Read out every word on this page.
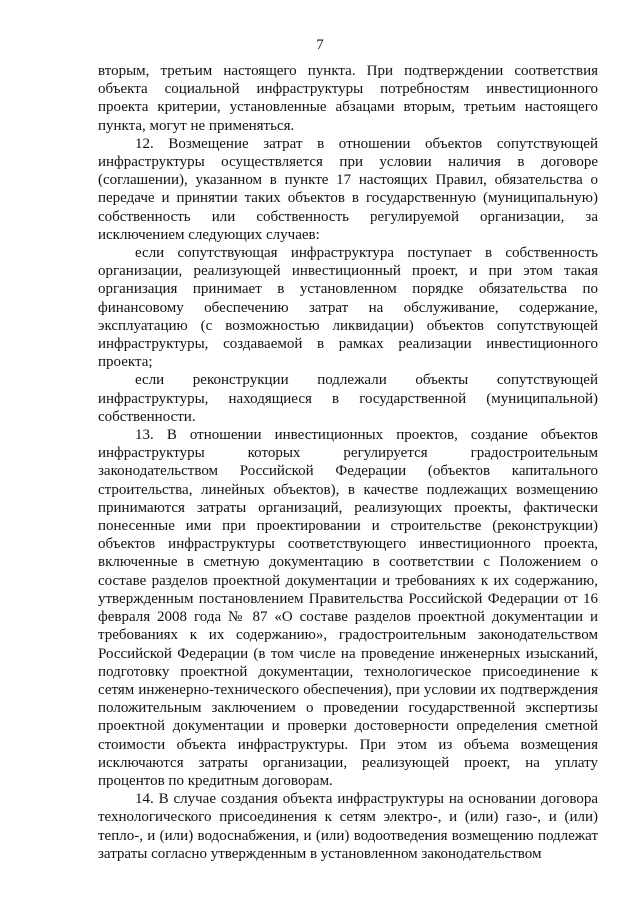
7

вторым, третьим настоящего пункта. При подтверждении соответствия объекта социальной инфраструктуры потребностям инвестиционного проекта критерии, установленные абзацами вторым, третьим настоящего пункта, могут не применяться.

12. Возмещение затрат в отношении объектов сопутствующей инфраструктуры осуществляется при условии наличия в договоре (соглашении), указанном в пункте 17 настоящих Правил, обязательства о передаче и принятии таких объектов в государственную (муниципальную) собственность или собственность регулируемой организации, за исключением следующих случаев:

если сопутствующая инфраструктура поступает в собственность организации, реализующей инвестиционный проект, и при этом такая организация принимает в установленном порядке обязательства по финансовому обеспечению затрат на обслуживание, содержание, эксплуатацию (с возможностью ликвидации) объектов сопутствующей инфраструктуры, создаваемой в рамках реализации инвестиционного проекта;

если реконструкции подлежали объекты сопутствующей инфраструктуры, находящиеся в государственной (муниципальной) собственности.

13. В отношении инвестиционных проектов, создание объектов инфраструктуры которых регулируется градостроительным законодательством Российской Федерации (объектов капитального строительства, линейных объектов), в качестве подлежащих возмещению принимаются затраты организаций, реализующих проекты, фактически понесенные ими при проектировании и строительстве (реконструкции) объектов инфраструктуры соответствующего инвестиционного проекта, включенные в сметную документацию в соответствии с Положением о составе разделов проектной документации и требованиях к их содержанию, утвержденным постановлением Правительства Российской Федерации от 16 февраля 2008 года № 87 «О составе разделов проектной документации и требованиях к их содержанию», градостроительным законодательством Российской Федерации (в том числе на проведение инженерных изысканий, подготовку проектной документации, технологическое присоединение к сетям инженерно-технического обеспечения), при условии их подтверждения положительным заключением о проведении государственной экспертизы проектной документации и проверки достоверности определения сметной стоимости объекта инфраструктуры. При этом из объема возмещения исключаются затраты организации, реализующей проект, на уплату процентов по кредитным договорам.

14. В случае создания объекта инфраструктуры на основании договора технологического присоединения к сетям электро-, и (или) газо-, и (или) тепло-, и (или) водоснабжения, и (или) водоотведения возмещению подлежат затраты согласно утвержденным в установленном законодательством
